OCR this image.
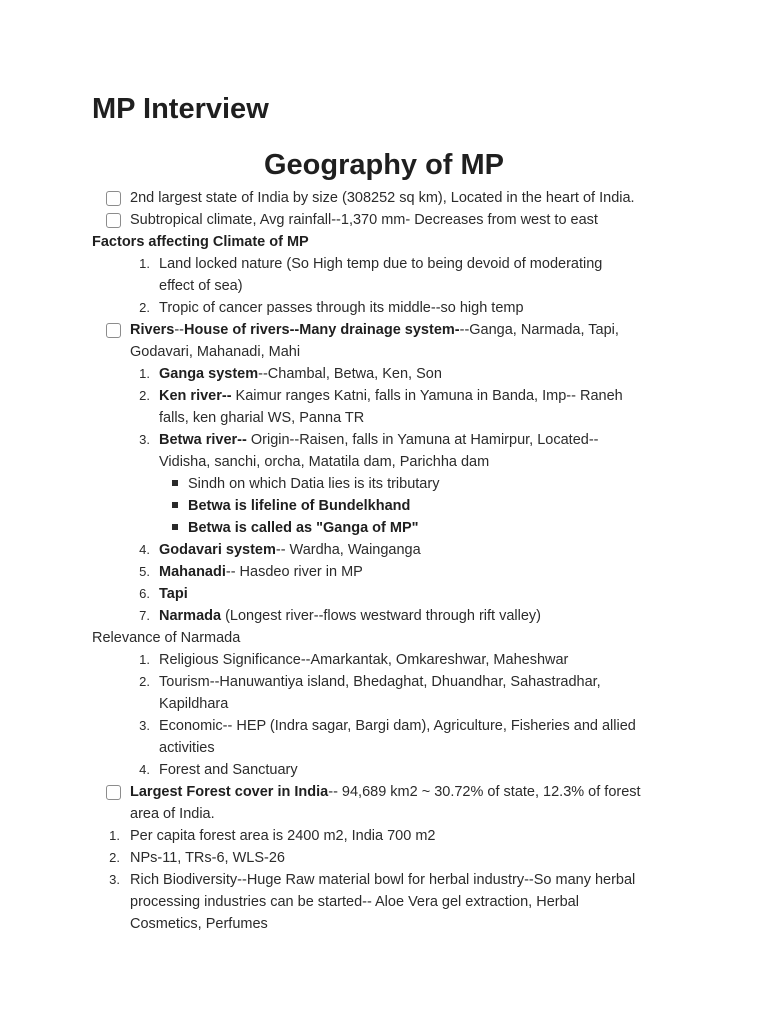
MP Interview
Geography of MP
2nd largest state of India by size (308252 sq km), Located in the heart of India.
Subtropical climate, Avg rainfall--1,370 mm- Decreases from west to east
Factors affecting Climate of MP
1. Land locked nature (So High temp due to being devoid of moderating
effect of sea)
2. Tropic of cancer passes through its middle--so high temp
Rivers--House of rivers--Many drainage system---Ganga, Narmada, Tapi,
Godavari, Mahanadi, Mahi
1. Ganga system--Chambal, Betwa, Ken, Son
2. Ken river-- Kaimur ranges Katni, falls in Yamuna in Banda, Imp-- Raneh
falls, ken gharial WS, Panna TR
3. Betwa river-- Origin--Raisen, falls in Yamuna at Hamirpur, Located--
Vidisha, sanchi, orcha, Matatila dam, Parichha dam
Sindh on which Datia lies is its tributary
Betwa is lifeline of Bundelkhand
Betwa is called as "Ganga of MP"
4. Godavari system-- Wardha, Wainganga
5. Mahanadi-- Hasdeo river in MP
6. Tapi
7. Narmada (Longest river--flows westward through rift valley)
Relevance of Narmada
1. Religious Significance--Amarkantak, Omkareshwar, Maheshwar
2. Tourism--Hanuwantiya island, Bhedaghat, Dhuandhar, Sahastradhar,
Kapildhara
3. Economic-- HEP (Indra sagar, Bargi dam), Agriculture, Fisheries and allied
activities
4. Forest and Sanctuary
Largest Forest cover in India-- 94,689 km2 ~ 30.72% of state, 12.3% of forest
area of India.
1. Per capita forest area is 2400 m2, India 700 m2
2. NPs-11, TRs-6, WLS-26
3. Rich Biodiversity--Huge Raw material bowl for herbal industry--So many herbal
processing industries can be started-- Aloe Vera gel extraction, Herbal
Cosmetics, Perfumes
